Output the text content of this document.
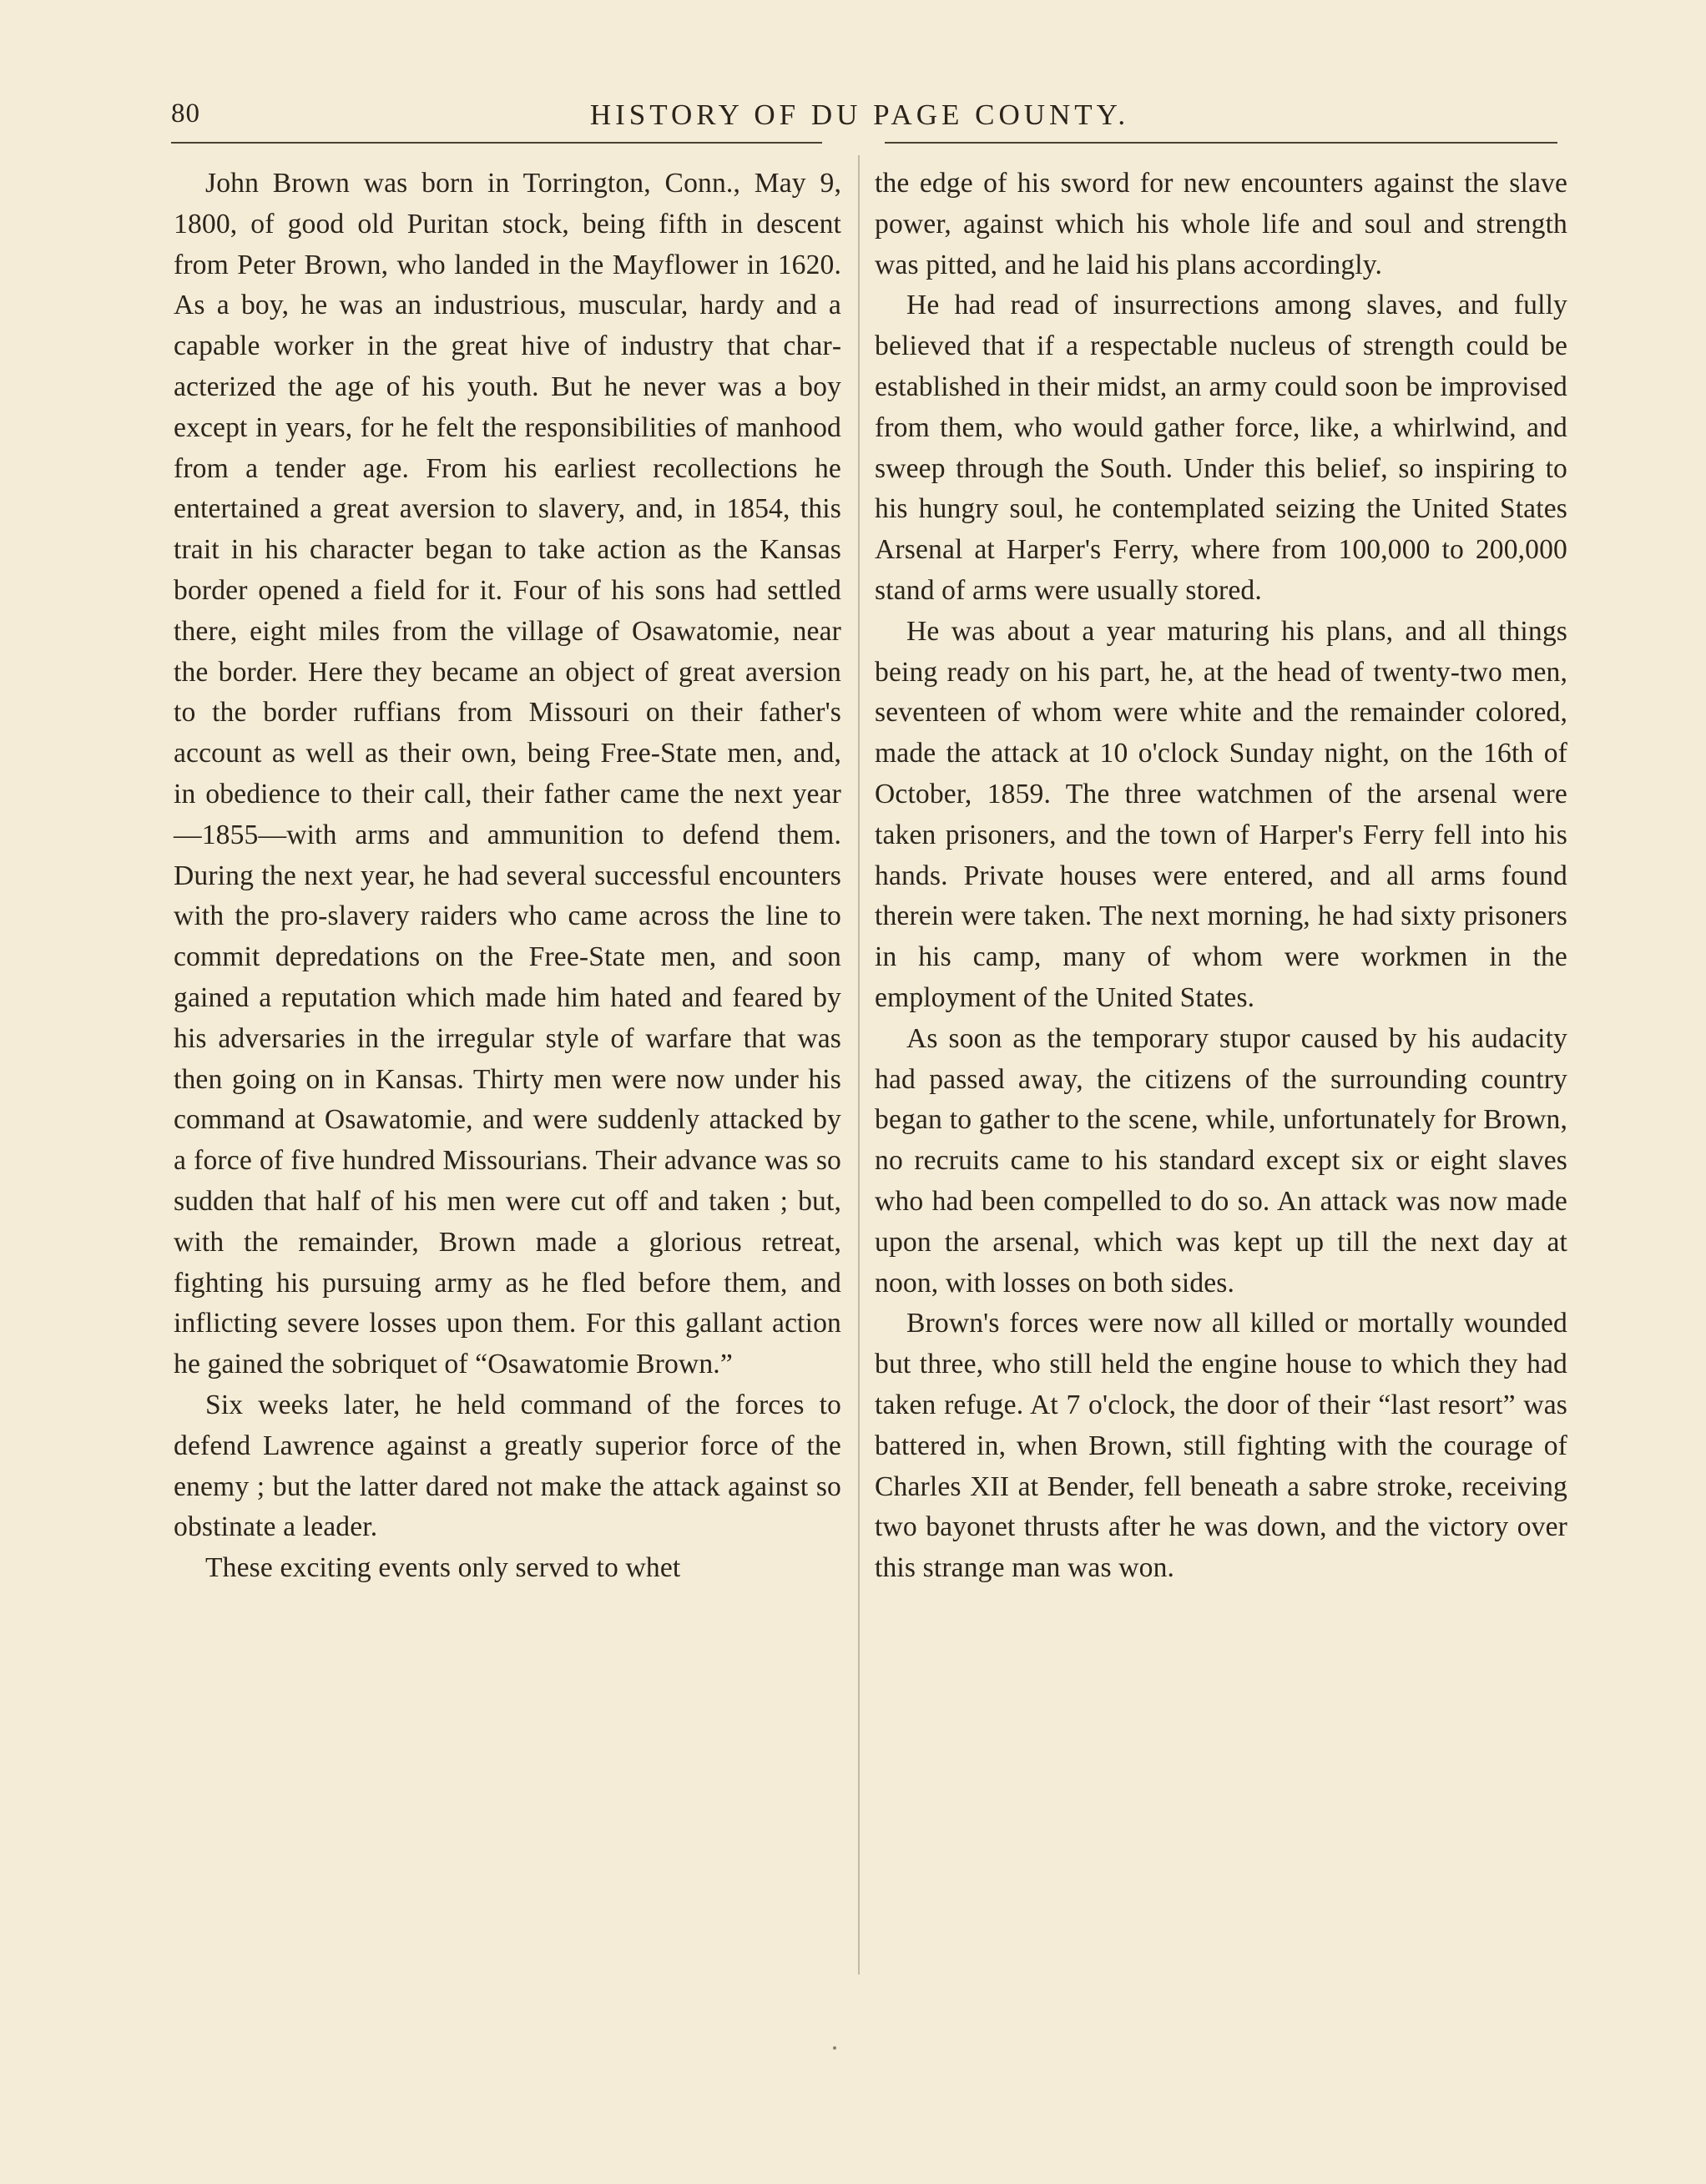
80	HISTORY OF DU PAGE COUNTY.

John Brown was born in Torrington, Conn., May 9, 1800, of good old Puritan stock, being fifth in descent from Peter Brown, who landed in the Mayflower in 1620. As a boy, he was an industrious, muscular, hardy and a capable worker in the great hive of industry that characterized the age of his youth. But he never was a boy except in years, for he felt the responsibilities of manhood from a tender age. From his earliest recollections he entertained a great aversion to slavery, and, in 1854, this trait in his character began to take action as the Kansas border opened a field for it. Four of his sons had settled there, eight miles from the village of Osawatomie, near the border. Here they became an object of great aversion to the border ruffians from Missouri on their father's account as well as their own, being Free-State men, and, in obedience to their call, their father came the next year—1855—with arms and ammunition to defend them. During the next year, he had several successful encounters with the pro-slavery raiders who came across the line to commit depredations on the Free-State men, and soon gained a reputation which made him hated and feared by his adversaries in the irregular style of warfare that was then going on in Kansas. Thirty men were now under his command at Osawatomie, and were suddenly attacked by a force of five hundred Missourians. Their advance was so sudden that half of his men were cut off and taken ; but, with the remainder, Brown made a glorious retreat, fighting his pursuing army as he fled before them, and inflicting severe losses upon them. For this gallant action he gained the sobriquet of “Osawatomie Brown.”

Six weeks later, he held command of the forces to defend Lawrence against a greatly superior force of the enemy ; but the latter dared not make the attack against so obstinate a leader.

These exciting events only served to whet

the edge of his sword for new encounters against the slave power, against which his whole life and soul and strength was pitted, and he laid his plans accordingly.

He had read of insurrections among slaves, and fully believed that if a respectable nucleus of strength could be established in their midst, an army could soon be improvised from them, who would gather force, like, a whirlwind, and sweep through the South. Under this belief, so inspiring to his hungry soul, he contemplated seizing the United States Arsenal at Harper's Ferry, where from 100,000 to 200,000 stand of arms were usually stored.

He was about a year maturing his plans, and all things being ready on his part, he, at the head of twenty-two men, seventeen of whom were white and the remainder colored, made the attack at 10 o'clock Sunday night, on the 16th of October, 1859. The three watchmen of the arsenal were taken prisoners, and the town of Harper's Ferry fell into his hands. Private houses were entered, and all arms found therein were taken. The next morning, he had sixty prisoners in his camp, many of whom were workmen in the employment of the United States.

As soon as the temporary stupor caused by his audacity had passed away, the citizens of the surrounding country began to gather to the scene, while, unfortunately for Brown, no recruits came to his standard except six or eight slaves who had been compelled to do so. An attack was now made upon the arsenal, which was kept up till the next day at noon, with losses on both sides.

Brown's forces were now all killed or mortally wounded but three, who still held the engine house to which they had taken refuge. At 7 o'clock, the door of their “last resort” was battered in, when Brown, still fighting with the courage of Charles XII at Bender, fell beneath a sabre stroke, receiving two bayonet thrusts after he was down, and the victory over this strange man was won.
